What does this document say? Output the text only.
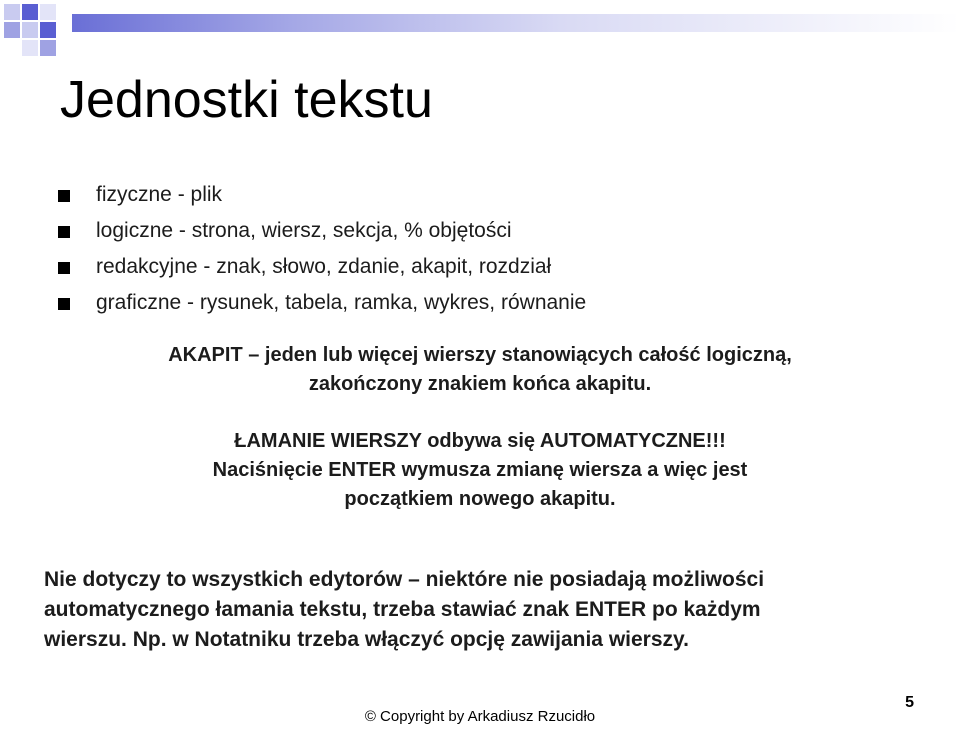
Jednostki tekstu
fizyczne - plik
logiczne - strona, wiersz, sekcja, % objętości
redakcyjne - znak, słowo, zdanie, akapit, rozdział
graficzne - rysunek, tabela, ramka, wykres, równanie

AKAPIT – jeden lub więcej wierszy stanowiących całość logiczną,

zakończony znakiem końca akapitu.

ŁAMANIE WIERSZY odbywa się AUTOMATYCZNE!!!

Naciśnięcie ENTER wymusza zmianę wiersza a więc jest

początkiem nowego akapitu.

Nie dotyczy to wszystkich edytorów – niektóre nie posiadają możliwości

automatycznego łamania tekstu, trzeba stawiać znak ENTER po każdym

wierszu. Np. w Notatniku trzeba włączyć opcję zawijania wierszy.

© Copyright by Arkadiusz Rzucidło
5
